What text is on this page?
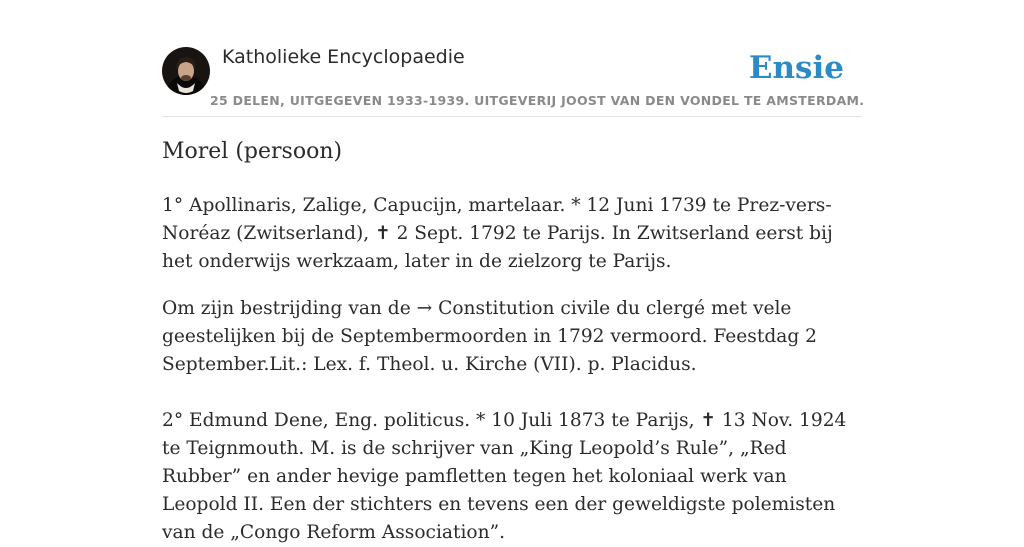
Katholieke Encyclopaedie	Ensie
25 DELEN, UITGEGEVEN 1933-1939. UITGEVERIJ JOOST VAN DEN VONDEL TE AMSTERDAM.
Morel (persoon)

1° Apollinaris, Zalige, Capucijn, martelaar. * 12 Juni 1739 te Prez-vers-Noréaz (Zwitserland), ✝ 2 Sept. 1792 te Parijs. In Zwitserland eerst bij het onderwijs werkzaam, later in de zielzorg te Parijs.

Om zijn bestrijding van de → Constitution civile du clergé met vele geestelijken bij de Septembermoorden in 1792 vermoord. Feestdag 2 September.Lit.: Lex. f. Theol. u. Kirche (VII). p. Placidus.

2° Edmund Dene, Eng. politicus. * 10 Juli 1873 te Parijs, ✝ 13 Nov. 1924 te Teignmouth. M. is de schrijver van „King Leopold’s Rule”, „Red Rubber” en ander hevige pamfletten tegen het koloniaal werk van Leopold II. Een der stichters en tevens een der geweldigste polemisten van de „Congo Reform Association”.
